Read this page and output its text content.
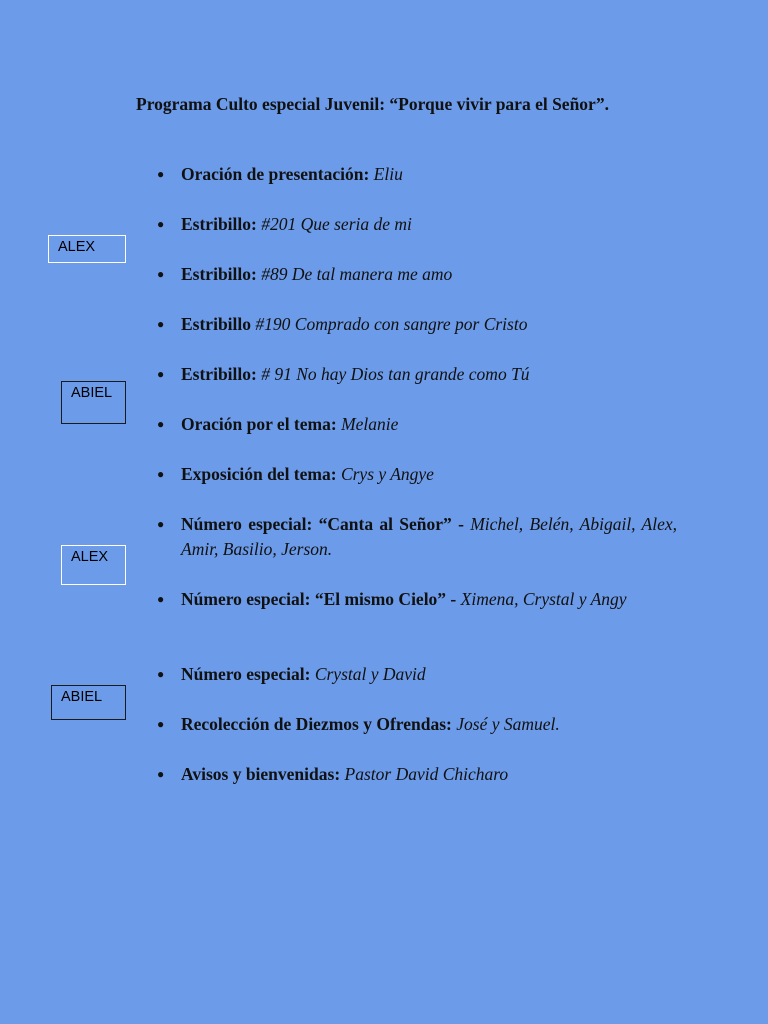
Programa Culto especial Juvenil: “Porque vivir para el Señor”.

● Oración de presentación: Eliu
● Estribillo: #201 Que seria de mi
● Estribillo: #89 De tal manera me amo
● Estribillo #190 Comprado con sangre por Cristo
● Estribillo: # 91 No hay Dios tan grande como Tú
● Oración por el tema: Melanie
● Exposición del tema: Crys y Angye
● Número especial: “Canta al Señor” - Michel, Belén, Abigail, Alex, Amir, Basilio, Jerson.
● Número especial: “El mismo Cielo” - Ximena, Crystal y Angy
● Número especial: Crystal y David
● Recolección de Diezmos y Ofrendas: José y Samuel.
● Avisos y bienvenidas: Pastor David Chicharo
ALEX
ABIEL
ALEX
ABIEL
